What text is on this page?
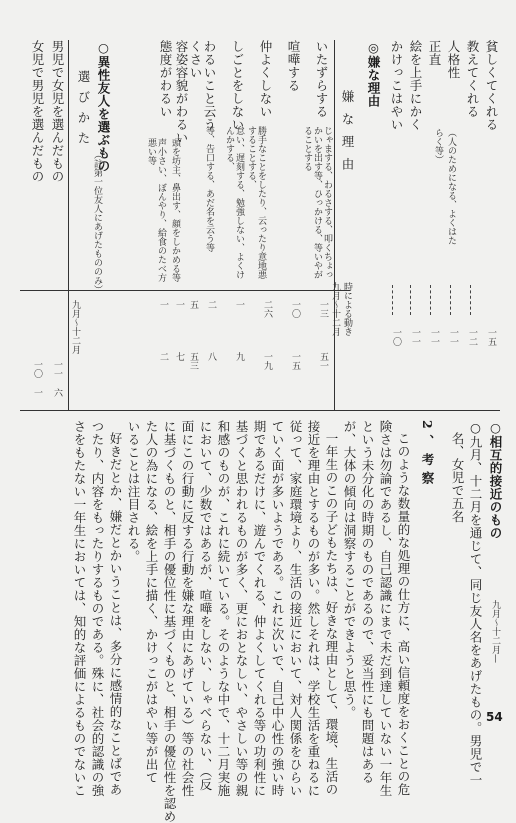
貧しくてくれる
教えてくれる
人格性
正直
絵を上手にかく
かけっこはやい
（人のためになる、よくはた
らく等）
一五
一二
一一
一一
一一
一〇
◎嫌な理由
嫌な理由
時による動き
九月〜十二月
いたずらする
喧嘩する
仲よくしない
しごとをしない
わるいこと云う
くさい
容姿容貌がわるい
態度がわるい
じゃまする、わるさする、叩くちょっかいを出す等、ひっかける、等いやがることする
勝手なことをしたり、云ったり意地悪することする、
怠い、遅刻する、勉強しない、よくけんかする、
等、告口する、あだ名を云う等
頭を坊主、鼻出す、顔をしかめる等
声小さい、ぼんやり、給食のたべ方悪い等
一三
一〇
二六
一
二
五
一
一
五一
一五
一九
九
八
五三
七
二
○異性友人を選ぶもの
（註第一位友人にあげたもののみ）
選びかた
九月〜十二月
男児で女児を選んだもの
女児で男児を選んだもの
一一
一〇
六
一
○相互的接近のもの
九月〜十二月—
○九月、十二月を通じて、同じ友人名をあげたもの。男児で一
名、女児で五名
2、考察
このような数量的な処理の仕方に、高い信頼度をおくことの危
険さは勿論であるし、自己認識にまで未だ到達していない一年生
という未分化の時期のものであるので、妥当性にも問題はある
が、大体の傾向は洞察することができようと思う。
一年生のこの子どもたちは、好きな理由として、環境、生活の
接近を理由とするものが多い。然しそれは、学校生活を重ねるに
従って、家庭環境より、生活の接近において、対人関係をひらい
ていく面が多いようである。これに次いで、自己中心性の強い時
期であるだけに、遊んでくれる、仲よくしてくれる等の功利性に
基づくと思われるものが多く、更におとなしい、やさしい等の親
和感のものが、これに続いている。そのような中で、十二月実施
において、少数ではあるが、喧嘩をしない、しゃべらない、（反
面にこの行動に反する行動を嫌な理由にあげている）等の社会性
に基づくものと、相手の優位性に基づくものと、相手の優位性を認め
た人の為になる、絵を上手に描く、かけっこがはやい等が出て
いることは注目される。
好きだとか、嫌だとかいうことは、多分に感情的なことばであ
つたり、内容をもったりするものである。殊に、社会的認識の強
さをもたない一年生においては、知的な評価によるものでないこ	54
